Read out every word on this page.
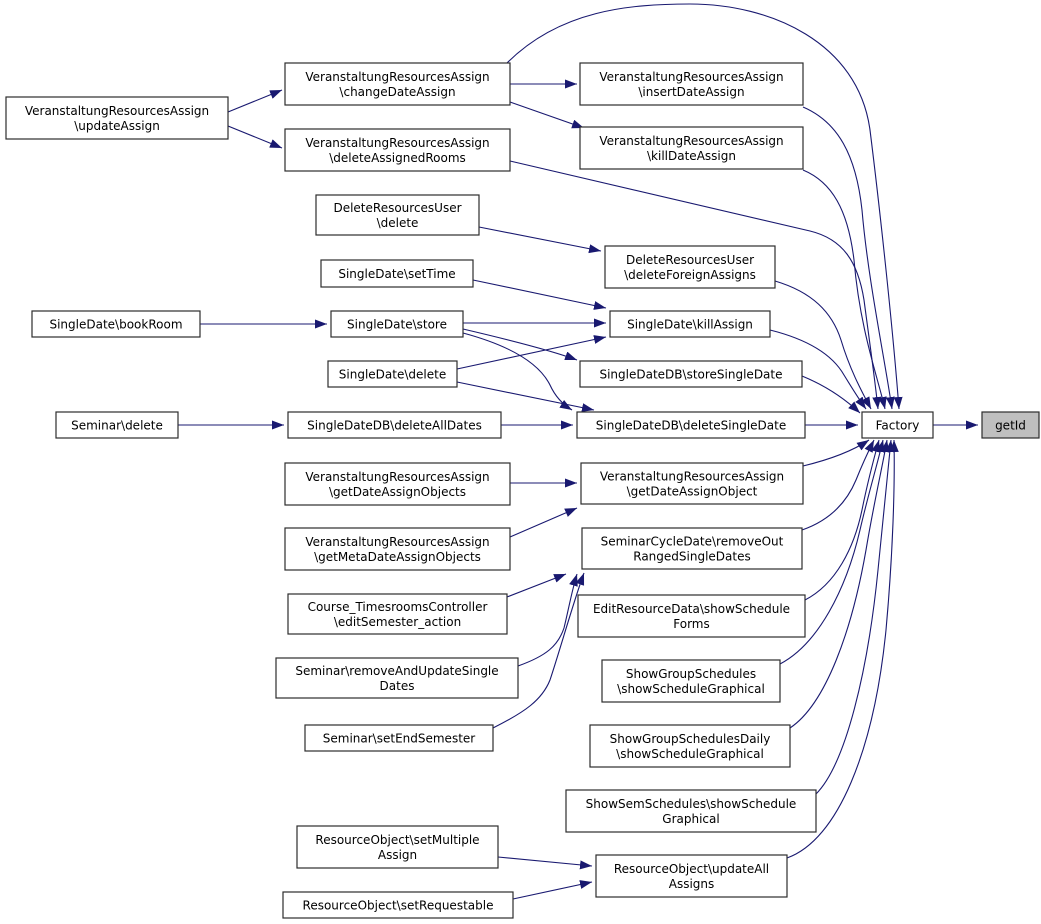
VeranstaltungResourcesAssign
\updateAssign
VeranstaltungResourcesAssign
\changeDateAssign
VeranstaltungResourcesAssign
\insertDateAssign
VeranstaltungResourcesAssign
\deleteAssignedRooms
VeranstaltungResourcesAssign
\killDateAssign
DeleteResourcesUser
\delete
DeleteResourcesUser
\deleteForeignAssigns
SingleDate\setTime
SingleDate\bookRoom	SingleDate\store	SingleDate\killAssign
SingleDate\delete	SingleDateDB\storeSingleDate
Seminar\delete	SingleDateDB\deleteAllDates	SingleDateDB\deleteSingleDate	Factory	getId
VeranstaltungResourcesAssign
\getDateAssignObjects
VeranstaltungResourcesAssign
\getDateAssignObject
VeranstaltungResourcesAssign
\getMetaDateAssignObjects
SeminarCycleDate\removeOut
RangedSingleDates
Course_TimesroomsController
\editSemester_action
EditResourceData\showSchedule
Forms
Seminar\removeAndUpdateSingle
Dates
ShowGroupSchedules
\showScheduleGraphical
Seminar\setEndSemester	ShowGroupSchedulesDaily
\showScheduleGraphical
ShowSemSchedules\showSchedule
Graphical
ResourceObject\setMultiple
Assign
ResourceObject\updateAll
Assigns
ResourceObject\setRequestable
